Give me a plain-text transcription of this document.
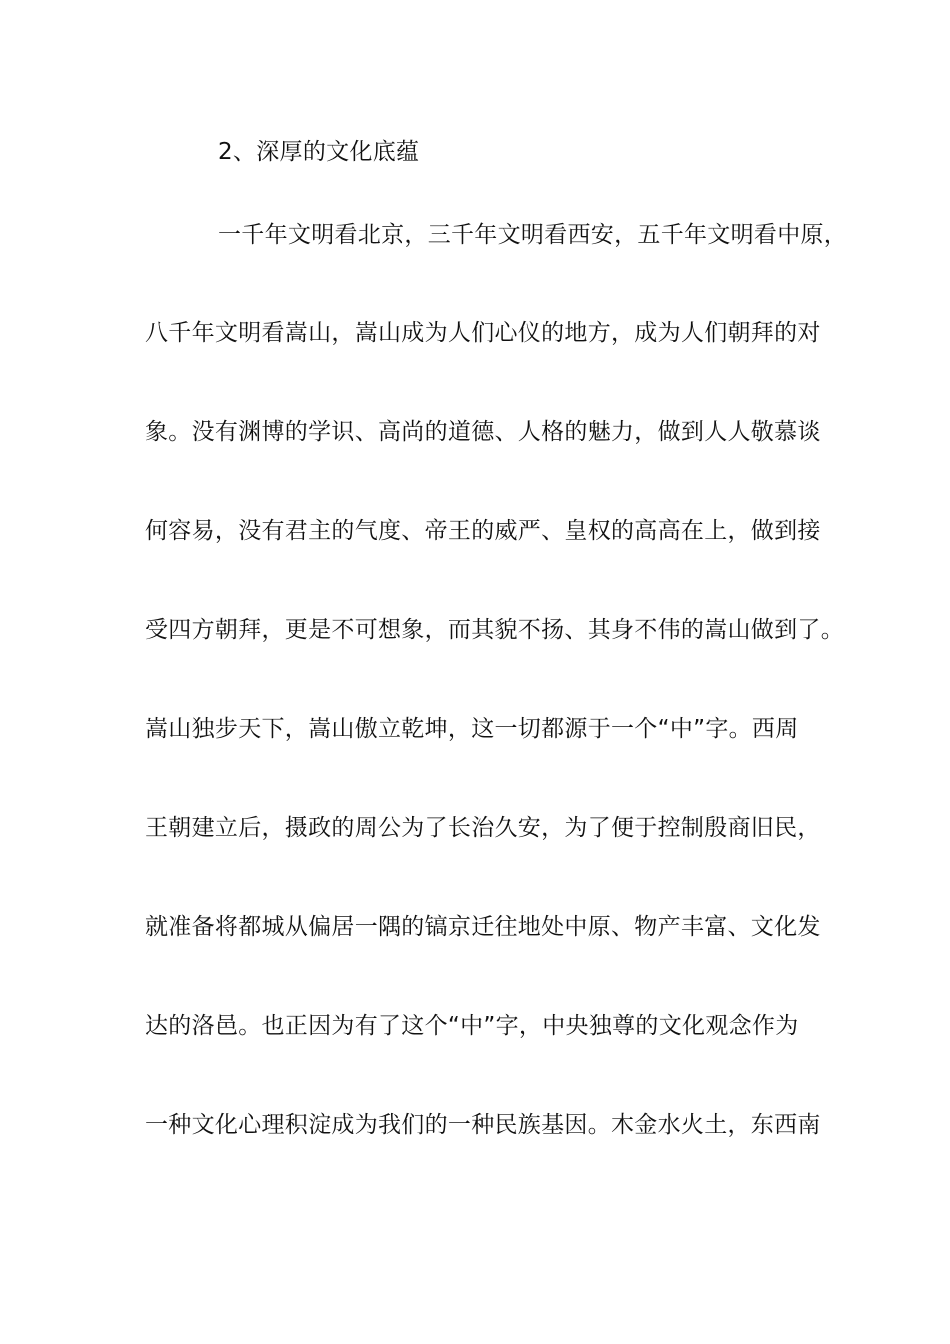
2、深厚的文化底蕴
一千年文明看北京，三千年文明看西安，五千年文明看中原，
八千年文明看嵩山，嵩山成为人们心仪的地方，成为人们朝拜的对
象。没有渊博的学识、高尚的道德、人格的魅力，做到人人敬慕谈
何容易，没有君主的气度、帝王的威严、皇权的高高在上，做到接
受四方朝拜，更是不可想象，而其貌不扬、其身不伟的嵩山做到了。
嵩山独步天下，嵩山傲立乾坤，这一切都源于一个“中”字。西周
王朝建立后，摄政的周公为了长治久安，为了便于控制殷商旧民，
就准备将都城从偏居一隅的镐京迁往地处中原、物产丰富、文化发
达的洛邑。也正因为有了这个“中”字，中央独尊的文化观念作为
一种文化心理积淀成为我们的一种民族基因。木金水火土，东西南
